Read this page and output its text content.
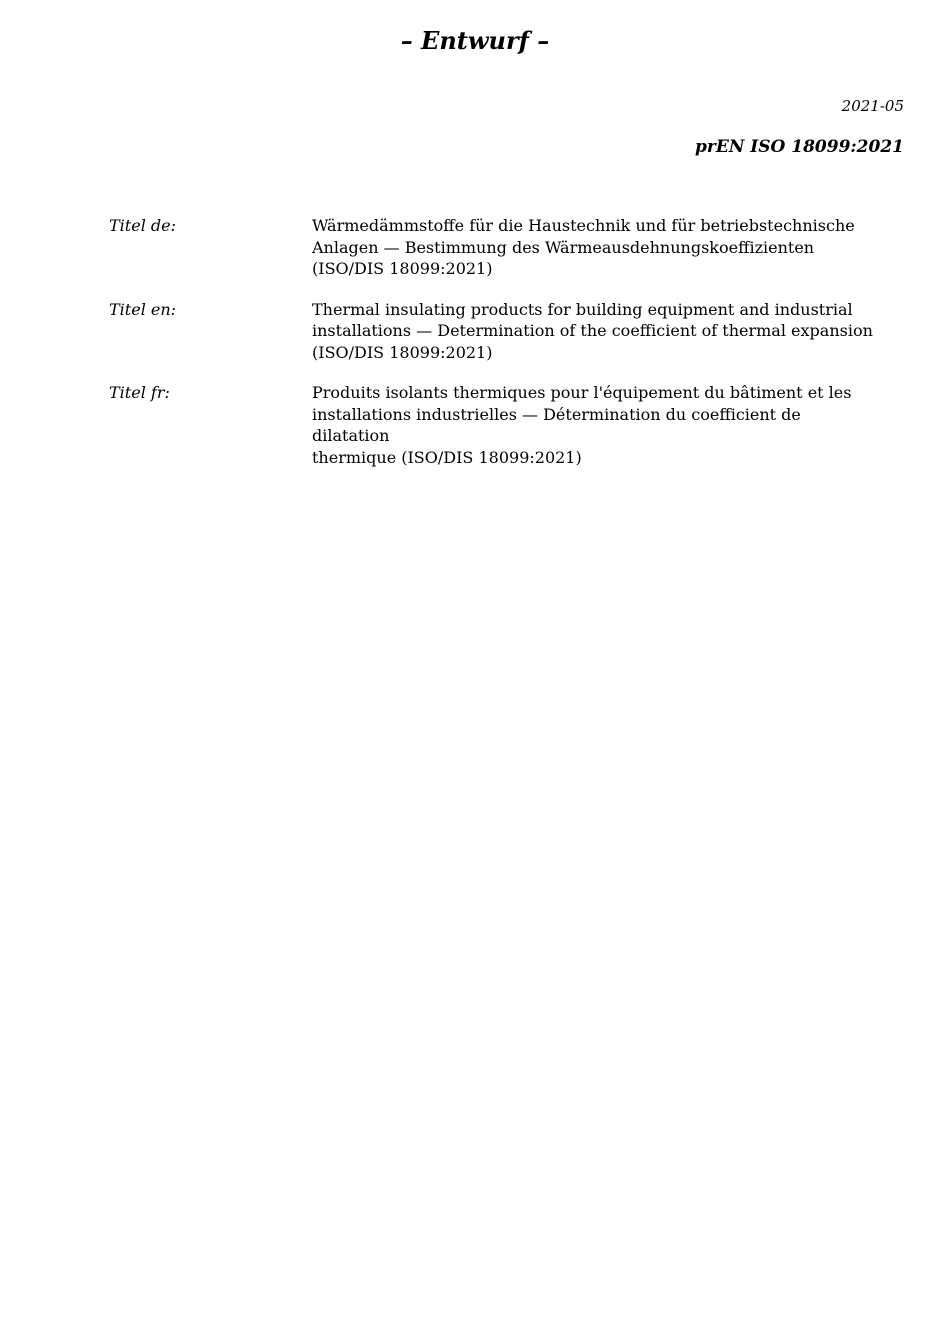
– Entwurf –
2021-05
prEN ISO 18099:2021
Titel de:	Wärmedämmstoffe für die Haustechnik und für betriebstechnische
Anlagen — Bestimmung des Wärmeausdehnungskoeffizienten
(ISO/DIS 18099:2021)
Titel en:	Thermal insulating products for building equipment and industrial
installations — Determination of the coefficient of thermal expansion
(ISO/DIS 18099:2021)
Titel fr:	Produits isolants thermiques pour l'équipement du bâtiment et les
installations industrielles — Détermination du coefficient de dilatation
thermique (ISO/DIS 18099:2021)
